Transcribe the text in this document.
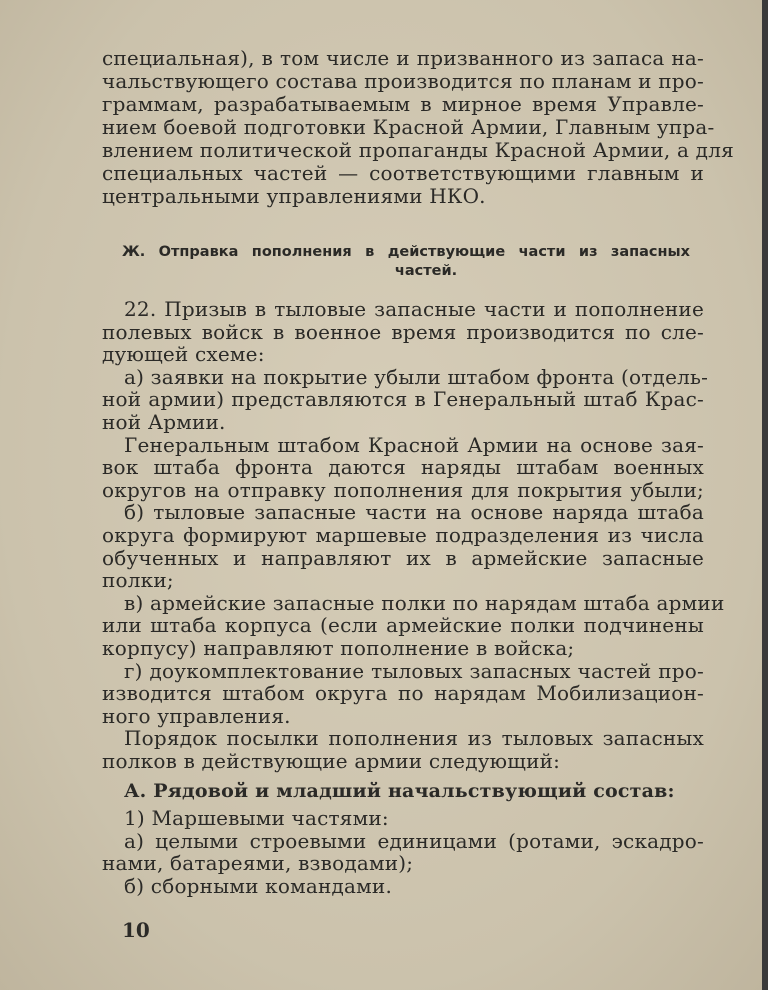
специальная), в том числе и призванного из запаса на-
чальствующего состава производится по планам и про-
граммам, разрабатываемым в мирное время Управле-
нием боевой подготовки Красной Армии, Главным упра-
влением политической пропаганды Красной Армии, а для
специальных частей — соответствующими главным и
центральными управлениями НКО.
Ж. Отправка пополнения в действующие части из запасных
частей.
22. Призыв в тыловые запасные части и пополнение
полевых войск в военное время производится по сле-
дующей схеме:
а) заявки на покрытие убыли штабом фронта (отдель-
ной армии) представляются в Генеральный штаб Крас-
ной Армии.
Генеральным штабом Красной Армии на основе зая-
вок штаба фронта даются наряды штабам военных
округов на отправку пополнения для покрытия убыли;
б) тыловые запасные части на основе наряда штаба
округа формируют маршевые подразделения из числа
обученных и направляют их в армейские запасные
полки;
в) армейские запасные полки по нарядам штаба армии
или штаба корпуса (если армейские полки подчинены
корпусу) направляют пополнение в войска;
г) доукомплектование тыловых запасных частей про-
изводится штабом округа по нарядам Мобилизацион-
ного управления.
Порядок посылки пополнения из тыловых запасных
полков в действующие армии следующий:
А. Рядовой и младший начальствующий состав:
1) Маршевыми частями:
а) целыми строевыми единицами (ротами, эскадро-
нами, батареями, взводами);
б) сборными командами.
10
